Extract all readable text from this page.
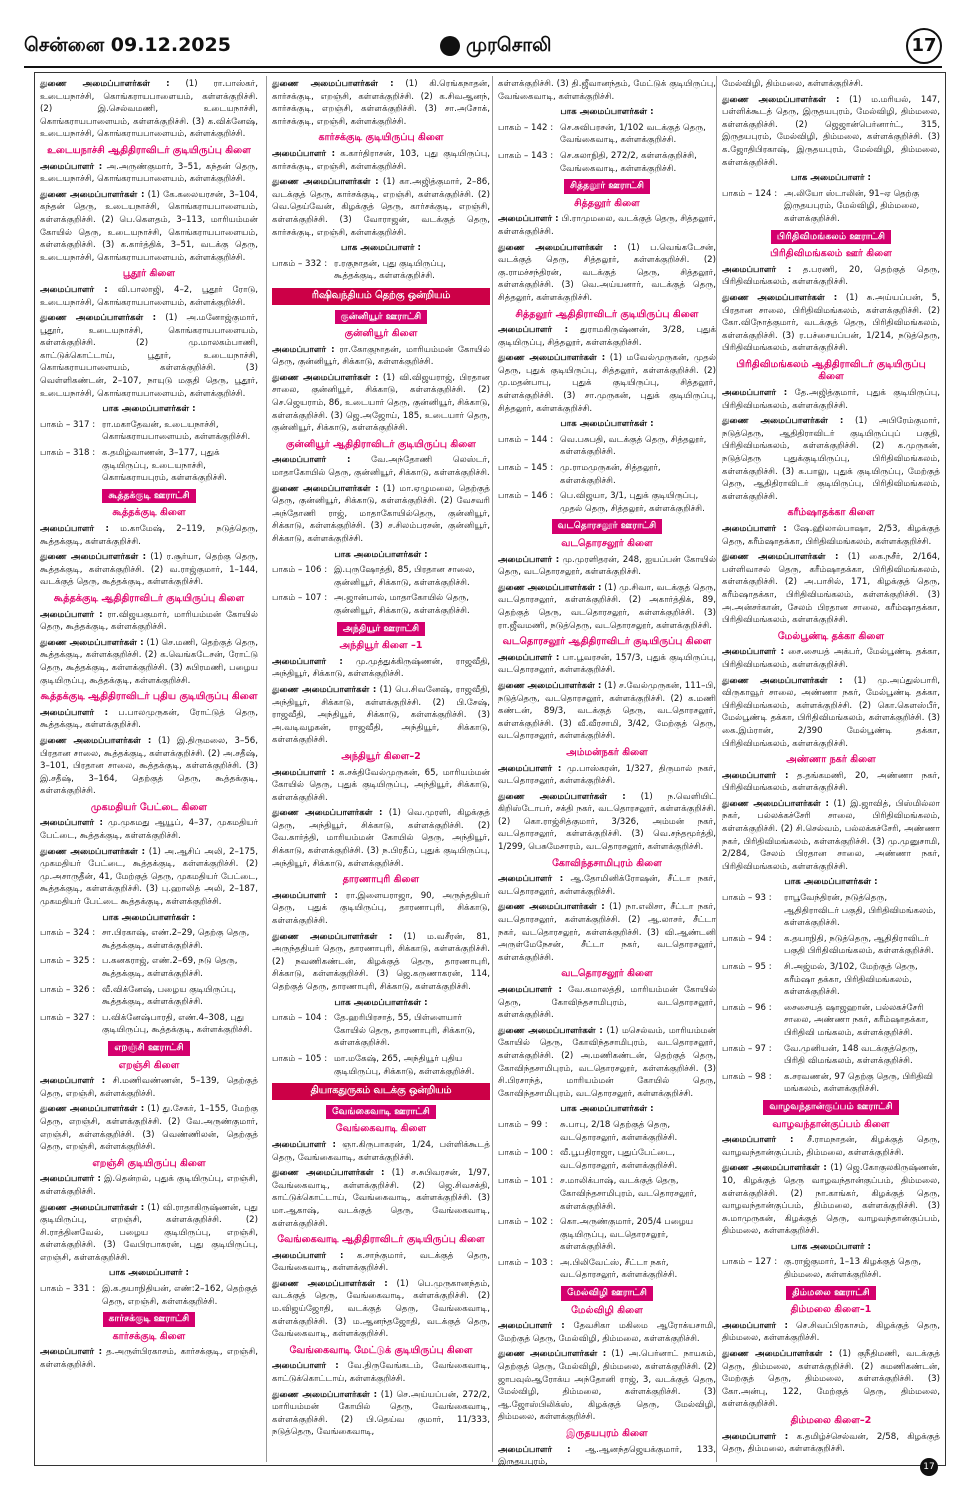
சென்னை 09.12.2025	முரசொலி	17
துணை அமைப்பாளர்கள் : (1) ரா.பாஸ்கர், உடையநாச்சி, கொங்கராயபாளையம், கள்ளக்குறிச்சி. (2) இ.செல்வமணி, உடையநாச்சி, கொங்கராயபாளையம், கள்ளக்குறிச்சி. (3) க.விக்னேஷ், உடையநாச்சி, கொங்கராயபாளையம், கள்ளக்குறிச்சி.
உடையநாச்சி ஆதிதிராவிடர் குடியிருப்பு கிளை
அமைப்பாளர் : அ.அருண்குமார், 3–51, கந்தன் தெரு, உடையநாச்சி, கொங்கராயபாளையம், கள்ளக்குறிச்சி.
துணை அமைப்பாளர்கள் : (1) கே.கலையரசன், 3–104, கந்தன் தெரு, உடையநாச்சி, கொங்கராயபாளையம், கள்ளக்குறிச்சி. (2) பெ.கௌதம், 3–113, மாரியம்மன் கோயில் தெரு, உடையநாச்சி, கொங்கராயபாளையம், கள்ளக்குறிச்சி. (3) க.கார்த்திக், 3–51, வடக்கு தெரு, உடையநாச்சி, கொங்கராயபாளையம், கள்ளக்குறிச்சி.
பூதூர் கிளை
அமைப்பாளர் : வி.பாலாஜி, 4–2, பூதூர் ரோடு, உடையநாச்சி, கொங்கராயபாளையம், கள்ளக்குறிச்சி.
துணை அமைப்பாளர்கள் : (1) அ.மனோஜ்குமார், பூதூர், உடையநாச்சி, கொங்கராயபாளையம், கள்ளக்குறிச்சி. (2) மு.மாலகம்பாணி, காட்டுக்கொட்டாய், பூதூர், உடையநாச்சி, கொங்கராயபாளையம், கள்ளக்குறிச்சி. (3) வெள்ளிகண்டன், 2–107, நாயுடு மகுதி தெரு, பூதூர், உடையநாச்சி, கொங்கராயபாளையம், கள்ளக்குறிச்சி.
பாக அமைப்பாளர்கள் :
பாகம் – 317 :	ரா.மகாதேவன், உடையநாச்சி, கொங்கராயபாளையம், கள்ளக்குறிச்சி.
பாகம் – 318 :	க.தமிழ்வாணன், 3–177, புதுக் குடியிருப்பு, உடையநாச்சி, கொங்கராயபுரம், கள்ளக்குறிச்சி.
கூத்தக்குடி ஊராட்சி
கூத்தக்குடி கிளை
அமைப்பாளர் : ம.காமேஷ், 2–119, நடுத்தெரு, கூத்தக்குடி, கள்ளக்குறிச்சி.
துணை அமைப்பாளர்கள் : (1) ர.சூர்யா, தெற்கு தெரு, கூத்தக்குடி, கள்ளக்குறிச்சி. (2) வ.ராஜ்குமார், 1–144, வடக்குத் தெரு, கூத்தக்குடி, கள்ளக்குறிச்சி.
கூத்தக்குடி ஆதிதிராவிடர் குடியிருப்பு கிளை
அமைப்பாளர் : ரா.விஜயகுமார், மாரியம்மன் கோயில் தெரு, கூத்தக்குடி, கள்ளக்குறிச்சி.
துணை அமைப்பாளர்கள் : (1) செ.மணி, தெற்குத் தெரு, கூத்தக்குடி, கள்ளக்குறிச்சி. (2) க.வெங்கடேசன், ரோட்டு தெரு, கூத்தக்குடி, கள்ளக்குறிச்சி. (3) சுபிரமணி, பழைய குடியிருப்பு, கூத்தக்குடி, கள்ளக்குறிச்சி.
கூத்தக்குடி ஆதிதிராவிடர் புதிய குடியிருப்பு கிளை
அமைப்பாளர் : ப.பாலமுருகன், ரோட்டுத் தெரு, கூத்தக்குடி, கள்ளக்குறிச்சி.
துணை அமைப்பாளர்கள் : (1) இ.திருமலை, 3–56, பிரதான சாலை, கூத்தக்குடி, கள்ளக்குறிச்சி. (2) அ.சதீஷ், 3–101, பிரதான சாலை, கூத்தக்குடி, கள்ளக்குறிச்சி. (3) இ.சதீஷ், 3–164, தெற்குத் தெரு, கூத்தக்குடி, கள்ளக்குறிச்சி.
முகமதியர் பேட்டை கிளை
அமைப்பாளர் : மு.முகமது ஆயூப், 4–37, முகமதியர் பேட்டை, கூத்தக்குடி, கள்ளக்குறிச்சி.
துணை அமைப்பாளர்கள் : (1) அ.ஆசிப் அலி, 2–175, முகமதியர் பேட்டை, கூத்தக்குடி, கள்ளக்குறிச்சி. (2) மு.அசாருதீன், 41, மேற்குத் தெரு, முகமதியர் பேட்டை, கூத்தக்குடி, கள்ளக்குறிச்சி. (3) பு.ஹாலித் அலி, 2–187, முகமதியர் பேட்டை கூத்தக்குடி, கள்ளக்குறிச்சி.
பாக அமைப்பாளர்கள் :
பாகம் – 324 :	சா.பிரகாஷ், எண்.2–29, தெற்கு தெரு, கூத்தக்குடி, கள்ளக்குறிச்சி.
பாகம் – 325 :	ப.கனகராஜ், எண்.2–69, நடு தெரு, கூத்தக்குடி, கள்ளக்குறிச்சி.
பாகம் – 326 :	வீ.விக்னேஷ், பழைய குடியிருப்பு, கூத்தக்குடி, கள்ளக்குறிச்சி.
பாகம் – 327 :	ப.விக்னேஷ்பாரதி, எண்.4–308, புது குடியிருப்பு, கூத்தக்குடி, கள்ளக்குறிச்சி.
எறஞ்சி ஊராட்சி
எறஞ்சி கிளை
அமைப்பாளர் : சி.மணிவண்ணன், 5–139, தெற்குத் தெரு, எறஞ்சி, கள்ளக்குறிச்சி.
துணை அமைப்பாளர்கள் : (1) து.சேகர், 1–155, மேற்கு தெரு, எறஞ்சி, கள்ளக்குறிச்சி. (2) வே.அருண்குமார், எறஞ்சி, கள்ளக்குறிச்சி. (3) வெண்ணிலன், தெற்குத் தெரு, எறஞ்சி, கள்ளக்குறிச்சி.
எறஞ்சி குடியிருப்பு கிளை
அமைப்பாளர் : இ.தென்றல், புதுக் குடியிருப்பு, எறஞ்சி, கள்ளக்குறிச்சி.
துணை அமைப்பாளர்கள் : (1) வி.ராதாகிருஷ்ணன், புது குடியிருப்பு, எறஞ்சி, கள்ளக்குறிச்சி. (2) சி.ராத்தினவேல், பழைய குடியிருப்பு, எறஞ்சி, கள்ளக்குறிச்சி. (3) வேபிரபாகரன், புது குடியிருப்பு, எறஞ்சி, கள்ளக்குறிச்சி.
பாக அமைப்பாளர் :
பாகம் – 331 :	இ.க.தயாநிதியன், எண்:2–162, தெற்குத் தெரு, எறஞ்சி, கள்ளக்குறிச்சி.
கார்சக்குடி ஊராட்சி
கார்சக்குடி கிளை
அமைப்பாளர் : த.அருள்பிரகாசம், கார்சக்குடி, எறஞ்சி, கள்ளக்குறிச்சி.
துணை அமைப்பாளர்கள் : (1) கி.ரெங்கநாதன், கார்சக்குடி, எறஞ்சி, கள்ளக்குறிச்சி. (2) க.சிவஆனந், கார்சக்குடி, எறஞ்சி, கள்ளக்குறிச்சி. (3) சா.அசோக், கார்சக்குடி, எறஞ்சி, கள்ளக்குறிச்சி.
கார்சக்குடி குடியிருப்பு கிளை
அமைப்பாளர் : க.கார்திராசன், 103, புது குடியிருப்பு, கார்சக்குடி, எறஞ்சி, கள்ளக்குறிச்சி.
துணை அமைப்பாளர்கள் : (1) கா.அஜித்குமார், 2–86, வடக்குத் தெரு, கார்சக்குடி, எறஞ்சி, கள்ளக்குறிச்சி. (2) வெ.தெய்வேன், கிழக்குத் தெரு, கார்சக்குடி, எறஞ்சி, கள்ளக்குறிச்சி. (3) வோராஜன், வடக்குத் தெரு, கார்சக்குடி, எறஞ்சி, கள்ளக்குறிச்சி.
பாக அமைப்பாளர் :
பாகம் – 332 :	ர.ரகுநாதன், புது குடியிருப்பு, கூத்தக்குடி, கள்ளக்குறிச்சி.
ரிஷிவந்தியம் தெற்கு ஒன்றியம்
குன்னியூர் ஊராட்சி
குன்னியூர் கிளை
அமைப்பாளர் : ரா.கோகுநாதன், மாரியம்மன் கோயில் தெரு, குன்னியூர், சிக்காடு, கள்ளக்குறிச்சி.
துணை அமைப்பாளர்கள் : (1) வி.விஜயராஜ், பிரதான சாலை, குன்னியூர், சிக்காடு, கள்ளக்குறிச்சி. (2) செ.ஜெயராம், 86, உடையார் தெரு, குன்னியூர், சிக்காடு, கள்ளக்குறிச்சி. (3) ஜெ.அஜோய், 185, உடையார் தெரு, குன்னியூர், சிக்காடு, கள்ளக்குறிச்சி.
குன்னியூர் ஆதிதிராவிடர் குடியிருப்பு கிளை
அமைப்பாளர் : வே.அந்தோணி லெஸ்டர், மாதாகோயில் தெரு, குன்னியூர், சிக்காடு, கள்ளக்குறிச்சி.
துணை அமைப்பாளர்கள் : (1) மா.ஏழுமலை, தெற்குத் தெரு, குன்னியூர், சிக்காடு, கள்ளக்குறிச்சி. (2) வேசவரி அந்தோணி ராஜ், மாதாகோயில்தெரு, குன்னியூர், சிக்காடு, கள்ளக்குறிச்சி. (3) ச.சிலம்பரசன், குன்னியூர், சிக்காடு, கள்ளக்குறிச்சி.
பாக அமைப்பாளர்கள் :
பாகம் – 106 :	இ.புருஷோத்தி, 85, பிரதான சாலை, குன்னியூர், சிக்காடு, கள்ளக்குறிச்சி.
பாகம் – 107 :	அ.ஜான்பால், மாதாகோயில் தெரு, குன்னியூர், சிக்காடு, கள்ளக்குறிச்சி.
அந்தியூர் ஊராட்சி
அந்தியூர் கிளை –1
அமைப்பாளர் : மு.முத்துக்கிருஷ்ணன், ராஜவீதி, அந்தியூர், சிக்காடு, கள்ளக்குறிச்சி.
துணை அமைப்பாளர்கள் : (1) பெ.சிவனேஷ், ராஜவீதி, அந்தியூர், சிக்காடு, கள்ளக்குறிச்சி. (2) பி.சேஷ், ராஜவீதி, அந்தியூர், சிக்காடு, கள்ளக்குறிச்சி. (3) அ.வடிவழகன், ராஜவீதி, அந்தியூர், சிக்காடு, கள்ளக்குறிச்சி.
அந்தியூர் கிளை–2
அமைப்பாளர் : க.சக்திவேல்முருகன், 65, மாரியம்மன் கோயில் தெரு, புதுக் குடியிருப்பு, அந்தியூர், சிக்காடு, கள்ளக்குறிச்சி.
துணை அமைப்பாளர்கள் : (1) வெ.முரளி, கிழக்குத் தெரு, அந்தியூர், சிக்காடு, கள்ளக்குறிச்சி. (2) வே.கார்த்தி, மாரியம்மன் கோயில் தெரு, அந்தியூர், சிக்காடு, கள்ளக்குறிச்சி. (3) ந.பிரதீப், புதுக் குடியிருப்பு, அந்தியூர், சிக்காடு, கள்ளக்குறிச்சி.
தாரணாபுரி கிளை
அமைப்பாளர் : ரா.இளையராஜா, 90, அருந்ததியர் தெரு, புதுக் குடியிருப்பு, தாரணாபுரி, சிக்காடு, கள்ளக்குறிச்சி.
துணை அமைப்பாளர்கள் : (1) ம.வசீரன், 81, அருந்ததியர் தெரு, தாரணாபுரி, சிக்காடு, கள்ளக்குறிச்சி. (2) நவணிகண்டன், கிழக்குத் தெரு, தாரணாபுரி, சிக்காடு, கள்ளக்குறிச்சி. (3) ஜெ.கருணாகரன், 114, தெற்குத் தெரு, தாரணாபுரி, சிக்காடு, கள்ளக்குறிச்சி.
பாக அமைப்பாளர்கள் :
பாகம் – 104 :	தே.ஹரிபிரசாத், 55, பிள்ளையார் கோயில் தெரு, தாரணாபுரி, சிக்காடு, கள்ளக்குறிச்சி.
பாகம் – 105 :	மா.மகேஷ், 265, அந்தியூர் புதிய குடியிருப்பு, சிக்காடு, கள்ளக்குறிச்சி.
தியாகதுருகம் வடக்கு ஒன்றியம்
வேங்கைவாடி ஊராட்சி
வேங்கைவாடி கிளை
அமைப்பாளர் : ஞா.கிருபாகரன், 1/24, பள்ளிக்கூடத் தெரு, வேங்கைவாடி, கள்ளக்குறிச்சி.
துணை அமைப்பாளர்கள் : (1) ச.சுபிவரசன், 1/97, வேங்கைவாடி, கள்ளக்குறிச்சி. (2) ஜெ.சிவசக்தி, காட்டுக்கொட்டாய், வேங்கைவாடி, கள்ளக்குறிச்சி. (3) மா.ஆகாஷ், வடக்குத் தெரு, வேங்கைவாடி, கள்ளக்குறிச்சி.
வேங்கைவாடி ஆதிதிராவிடர் குடியிருப்பு கிளை
அமைப்பாளர் : க.சாந்குமார், வடக்குத் தெரு, வேங்கைவாடி, கள்ளக்குறிச்சி.
துணை அமைப்பாளர்கள் : (1) பெ.முருகானந்தம், வடக்குத் தெரு, வேங்கைவாடி, கள்ளக்குறிச்சி. (2) ம.விஜய்ஜோதி, வடக்குத் தெரு, வேங்கைவாடி, கள்ளக்குறிச்சி. (3) ம.ஆனந்தஜோதி, வடக்குத் தெரு, வேங்கைவாடி, கள்ளக்குறிச்சி.
வேங்கைவாடி மேட்டுக் குடியிருப்பு கிளை
அமைப்பாளர் : வே.திருவேங்கடம், வேங்கைவாடி, காட்டுக்கொட்டாய், கள்ளக்குறிச்சி.
துணை அமைப்பாளர்கள் : (1) செ.அய்யப்பன், 272/2, மாரியம்மன் கோயில் தெரு, வேங்கைவாடி, கள்ளக்குறிச்சி. (2) பி.தெய்வ குமார், 11/333, நடுத்தெரு, வேங்கைவாடி,
கள்ளக்குறிச்சி. (3) தி.ஜீவானந்தம், மேட்டுக் குடியிருப்பு, வேங்கைவாடி, கள்ளக்குறிச்சி.
பாக அமைப்பாளர்கள் :
பாகம் – 142 :	செ.சுவிபரசன், 1/102 வடக்குத் தெரு, வேங்கைவாடி, கள்ளக்குறிச்சி.
பாகம் – 143 :	செ.கலாநிதி, 272/2, கள்ளக்குறிச்சி, வேங்கைவாடி, கள்ளக்குறிச்சி.
சித்தலூர் ஊராட்சி
சித்தலூர் கிளை
அமைப்பாளர் : பி.ராமுமலை, வடக்குத் தெரு, சித்தலூர், கள்ளக்குறிச்சி.
துணை அமைப்பாளர்கள் : (1) ப.வெங்கடேசன், வடக்குத் தெரு, சித்தலூர், கள்ளக்குறிச்சி. (2) கு.ராமச்சந்திரன், வடக்குத் தெரு, சித்தலூர், கள்ளக்குறிச்சி. (3) வெ.அய்யனார், வடக்குத் தெரு, சித்தலூர், கள்ளக்குறிச்சி.
சித்தலூர் ஆதிதிராவிடர் குடியிருப்பு கிளை
அமைப்பாளர் : துராமகிருஷ்ணன், 3/28, புதுக் குடியிருப்பு, சித்தலூர், கள்ளக்குறிச்சி.
துணை அமைப்பாளர்கள் : (1) மவேல்முருகன், முதல் தெரு, புதுக் குடியிருப்பு, சித்தலூர், கள்ளக்குறிச்சி. (2) மு.மதன்பாபு, புதுக் குடியிருப்பு, சித்தலூர், கள்ளக்குறிச்சி. (3) சா.முருகன், புதுக் குடியிருப்பு, சித்தலூர், கள்ளக்குறிச்சி.
பாக அமைப்பாளர்கள் :
பாகம் – 144 :	வெ.பசுபதி, வடக்குத் தெரு, சித்தலூர், கள்ளக்குறிச்சி.
பாகம் – 145 :	மு.ராமமுருகன், சித்தலூர், கள்ளக்குறிச்சி.
பாகம் – 146 :	பெ.விஜயா, 3/1, புதுக் குடியிருப்பு, முதல் தெரு, சித்தலூர், கள்ளக்குறிச்சி.
வடதொரசலூர் ஊராட்சி
வடதொரசலூர் கிளை
அமைப்பாளர் : மு.முரளிதரன், 248, ஐயப்பன் கோயில் தெரு, வடதொரசலூர், கள்ளக்குறிச்சி.
துணை அமைப்பாளர்கள் : (1) மு.சிவா, வடக்குத் தெரு, வடதொரசலூர், கள்ளக்குறிச்சி. (2) அகார்த்திக், 89, தெற்குத் தெரு, வடதொரசலூர், கள்ளக்குறிச்சி. (3) ரா.ஜீவமணி, நடுத்தெரு, வடதொரசலூர், கள்ளக்குறிச்சி.
வடதொரசலூர் ஆதிதிராவிடர் குடியிருப்பு கிளை
அமைப்பாளர் : பா.பூவரசன், 157/3, புதுக் குடியிருப்பு, வடதொரசலூர், கள்ளக்குறிச்சி.
துணை அமைப்பாளர்கள் : (1) ச.வேல்முருகன், 111–பி, நடுத்தெரு, வடதொரசலூர், கள்ளக்குறிச்சி. (2) க.மணி கண்டன், 89/3, வடக்குத் தெரு, வடதொரசலூர், கள்ளக்குறிச்சி. (3) வீ.வீரசாமி, 3/42, மேற்குத் தெரு, வடதொரசலூர், கள்ளக்குறிச்சி.
அம்மன்நகர் கிளை
அமைப்பாளர் : மு.பாஸ்கரன், 1/327, திருமால் நகர், வடதொரசலூர், கள்ளக்குறிச்சி.
துணை அமைப்பாளர்கள் : (1) ந.வெளியிட் கிறிஸ்டோபர், சக்தி நகர், வடதொரசலூர், கள்ளக்குறிச்சி. (2) கொ.ராஜ்சித்குமார், 3/326, அம்மன் நகர், வடதொரசலூர், கள்ளக்குறிச்சி. (3) வெ.சந்தமூர்த்தி, 1/299, பெசுமேசாரம், வடதொரசலூர், கள்ளக்குறிச்சி.
கோவிந்தசாமிபுரம் கிளை
அமைப்பாளர் : ஆ.தோமினிக்ரோஷன், சீட்டா நகர், வடதொரசலூர், கள்ளக்குறிச்சி.
துணை அமைப்பாளர்கள் : (1) நா.எலிசா, சீட்டா நகர், வடதொரசலூர், கள்ளக்குறிச்சி. (2) ஆ.லாசர், சீட்டா நகர், வடதொரசலூர், கள்ளக்குறிச்சி. (3) வி.ஆண்டனி அருள்மேநேசன், சீட்டா நகர், வடதொரசலூர், கள்ளக்குறிச்சி.
வடதொரசலூர் கிளை
அமைப்பாளர் : வே.கமாலத்தி, மாரியம்மன் கோயில் தெரு, கோவிந்தசாமிபுரம், வடதொரசலூர், கள்ளக்குறிச்சி.
துணை அமைப்பாளர்கள் : (1) மசெல்வம், மாரியம்மன் கோயில் தெரு, கோவிந்தசாமிபுரம், வடதொரசலூர், கள்ளக்குறிச்சி. (2) அ.மணிகண்டன், தெற்குத் தெரு, கோவிந்தசாமிபுரம், வடதொரசலூர், கள்ளக்குறிச்சி. (3) சி.பிரசாந்த், மாரியம்மன் கோயில் தெரு, கோவிந்தசாமிபுரம், வடதொரசலூர், கள்ளக்குறிச்சி.
பாக அமைப்பாளர்கள் :
பாகம் – 99 :	சு.பாபு, 2/18 தெற்குத் தெரு, வடதொரசலூர், கள்ளக்குறிச்சி.
பாகம் – 100 :	வீ.பூபதிராஜா, புதுப்பேட்டை, வடதொரசலூர், கள்ளக்குறிச்சி.
பாகம் – 101 :	ச.மாலிக்பாஷ், வடக்குத் தெரு, கோவிந்தசாமிபுரம், வடதொரசலூர், கள்ளக்குறிச்சி.
பாகம் – 102 :	கொ.அருண்குமார், 205/4 பழைய குடியிருப்பு, வடதொரசலூர், கள்ளக்குறிச்சி.
பாகம் – 103 :	அ.பிலிவேட்ஸ், சீட்டா நகர், வடதொரசலூர், கள்ளக்குறிச்சி.
மேல்விழி ஊராட்சி
மேல்விழி கிளை
அமைப்பாளர் : தேவசிகா மகிமை ஆரோக்யசாமி, மேற்குத் தெரு, மேல்விழி, திம்மலை, கள்ளக்குறிச்சி.
துணை அமைப்பாளர்கள் : (1) அ.பெர்னாட் நாயகம், தெற்குத் தெரு, மேல்விழி, திம்மலை, கள்ளக்குறிச்சி. (2) ஜாபவுல்ஆரோக்ய அந்தோனி ராஜ், 3, வடக்குத் தெரு, மேல்விழி, திம்மலை, கள்ளக்குறிச்சி. (3) ஆ.ஜோஸ்பிலிக்ஸ், கிழக்குத் தெரு, மேல்விழி, திம்மலை, கள்ளக்குறிச்சி.
இருதயபுரம் கிளை
அமைப்பாளர் : ஆ.ஆனந்தஜெயக்குமார், 133, இருதயபுரம்,
மேல்விழி, திம்மலை, கள்ளக்குறிச்சி.
துணை அமைப்பாளர்கள் : (1) ம.மரியல், 147, பள்ளிக்கூடத் தெரு, இருதயபுரம், மேல்விழி, திம்மலை, கள்ளக்குறிச்சி. (2) ஜெஜான்பெர்னார்ட், 315, இருதயபுரம், மேல்விழி, திம்மலை, கள்ளக்குறிச்சி. (3) க.ஜோதிபிரகாஷ், இருதயபுரம், மேல்விழி, திம்மலை, கள்ளக்குறிச்சி.
பாக அமைப்பாளர் :
பாகம் – 124 :	அ.லியோ ஸ்டாலின், 91–ஏ தெற்கு இருதயபுரம், மேல்விழி, திம்மலை, கள்ளக்குறிச்சி.
பிரிதிவிமங்கலம் ஊராட்சி
பிரிதிவிமங்கலம் ஊர் கிளை
அமைப்பாளர் : த.பரணி, 20, தெற்குத் தெரு, பிரிதிவிமங்கலம், கள்ளக்குறிச்சி.
துணை அமைப்பாளர்கள் : (1) சு.அய்யப்பன், 5, பிரதான சாலை, பிரிதிவிமங்கலம், கள்ளக்குறிச்சி. (2) கோ.விநோத்குமார், வடக்குத் தெரு, பிரிதிவிமங்கலம், கள்ளக்குறிச்சி. (3) ர.பச்சையப்பன், 1/214, நடுத்தெரு, பிரிதிவிமங்கலம், கள்ளக்குறிச்சி.
பிரிதிவிமங்கலம் ஆதிதிராவிடர் குடியிருப்பு கிளை
அமைப்பாளர் : தே.அஜித்குமார், புதுக் குடியிருப்பு, பிரிதிவிமங்கலம், கள்ளக்குறிச்சி.
துணை அமைப்பாளர்கள் : (1) அபிரேம்குமார், நடுத்தெரு, ஆதிதிராவிடர் குடியிருப்புப் பகுதி, பிரிதிவிமங்கலம், கள்ளக்குறிச்சி. (2) க.முருகன், நடுத்தெரு புதுக்குடியிருப்பு, பிரிதிவிமங்கலம், கள்ளக்குறிச்சி. (3) க.பாலு, புதுக் குடியிருப்பு, மேற்குத் தெரு, ஆதிதிராவிடர் குடியிருப்பு, பிரிதிவிமங்கலம், கள்ளக்குறிச்சி.
கரீம்ஷாதக்கா கிளை
அமைப்பாளர் : ஷே.ஹிலால்பாஷா, 2/53, கிழக்குத் தெரு, கரீம்ஷாதக்கா, பிரிதிவிமங்கலம், கள்ளக்குறிச்சி.
துணை அமைப்பாளர்கள் : (1) கை.நசீர், 2/164, பள்ளிவாசல் தெரு, கரீம்ஷாதக்கா, பிரிதிவிமங்கலம், கள்ளக்குறிச்சி. (2) அ.பாசில், 171, கிழக்குத் தெரு, கரீம்ஷாதக்கா, பிரிதிவிமங்கலம், கள்ளக்குறிச்சி. (3) அ.அன்சர்கான், சேலம் பிரதான சாலை, கரீம்ஷாதக்கா, பிரிதிவிமங்கலம், கள்ளக்குறிச்சி.
மேல்பூண்டி தக்கா கிளை
அமைப்பாளர் : சை.சையத் அக்பர், மேல்பூண்டி தக்கா, பிரிதிவிமங்கலம், கள்ளக்குறிச்சி.
துணை அமைப்பாளர்கள் : (1) மு.அப்துல்பாரி, விருகாவூர் சாலை, அண்ணா நகர், மேல்பூண்டி தக்கா, பிரிதிவிமங்கலம், கள்ளக்குறிச்சி. (2) கொ.கௌஸ்பீர், மேல்பூண்டி தக்கா, பிரிதிவிமங்கலம், கள்ளக்குறிச்சி. (3) கை.இம்ரான், 2/390 மேல்பூண்டி தக்கா, பிரிதிவிமங்கலம், கள்ளக்குறிச்சி.
அண்ணா நகர் கிளை
அமைப்பாளர் : த.தங்கமணி, 20, அண்ணா நகர், பிரிதிவிமங்கலம், கள்ளக்குறிச்சி.
துணை அமைப்பாளர்கள் : (1) இ.ஜாவித், பிஸ்மில்லா நகர், பல்லக்கச்சேரி சாலை, பிரிதிவிமங்கலம், கள்ளக்குறிச்சி. (2) சி.செல்வம், பல்லக்கச்சேரி, அண்ணா நகர், பிரிதிவிமங்கலம், கள்ளக்குறிச்சி. (3) மு.முனுசாமி, 2/284, சேலம் பிரதான சாலை, அண்ணா நகர், பிரிதிவிமங்கலம், கள்ளக்குறிச்சி.
பாக அமைப்பாளர்கள் :
பாகம் – 93 :	ராபூவேந்திரன், நடுத்தெரு, ஆதிதிராவிடர் பகுதி, பிரிதிவிமங்கலம், கள்ளக்குறிச்சி.
பாகம் – 94 :	க.தயாநிதி, நடுத்தெரு, ஆதிதிராவிடர் பகுதி பிரிதிவிமங்கலம், கள்ளக்குறிச்சி.
பாகம் – 95 :	சி.அஜ்மல், 3/102, மேற்குத் தெரு, கரீம்ஷா தக்கா, பிரிதிவிமங்கலம், கள்ளக்குறிச்சி.
பாகம் – 96 :	சைசையத் ஷாஜஹான், பல்லகச்சேரி சாலை, அண்ணா நகர், கரீம்ஷாதக்கா, பிரிதிவி மங்கலம், கள்ளக்குறிச்சி.
பாகம் – 97 :	வே.முனியன், 148 வடக்குத்தெரு, பிரிதி விமங்கலம், கள்ளக்குறிச்சி.
பாகம் – 98 :	க.சரவணன், 97 தெற்கு தெரு, பிரிதிவி மங்கலம், கள்ளக்குறிச்சி.
வாழவந்தான்குப்பம் ஊராட்சி
வாழவந்தான்குப்பம் கிளை
அமைப்பாளர் : சீ.ராமநாதன், கிழக்குத் தெரு, வாழவந்தான்குப்பம், திம்மலை, கள்ளக்குறிச்சி.
துணை அமைப்பாளர்கள் : (1) ஜெ.கோகுலகிருஷ்ணன், 10, கிழக்குத் தெரு வாழவந்தான்குப்பம், திம்மலை, கள்ளக்குறிச்சி. (2) நா.காங்கர், கிழக்குத் தெரு, வாழவந்தான்குப்பம், திம்மலை, கள்ளக்குறிச்சி. (3) சு.மாமுருகன், கிழக்குத் தெரு, வாழவந்தான்குப்பம், திம்மலை, கள்ளக்குறிச்சி.
பாக அமைப்பாளர் :
பாகம் – 127 :	கு.ராஜ்குமார், 1–13 கிழக்குத் தெரு, திம்மலை, கள்ளக்குறிச்சி.
திம்மலை ஊராட்சி
திம்மலை கிளை–1
அமைப்பாளர் : செ.சிவப்பிரகாசம், கிழக்குத் தெரு, திம்மலை, கள்ளக்குறிச்சி.
துணை அமைப்பாளர்கள் : (1) குநீதிமணி, வடக்குத் தெரு, திம்மலை, கள்ளக்குறிச்சி. (2) சுமணிகண்டன், மேற்குத் தெரு, திம்மலை, கள்ளக்குறிச்சி. (3) கோ.அன்பு, 122, மேற்குத் தெரு, திம்மலை, கள்ளக்குறிச்சி.
திம்மலை கிளை–2
அமைப்பாளர் : க.தமிழ்ச்செல்வன், 2/58, கிழக்குத் தெரு, திம்மலை, கள்ளக்குறிச்சி.
17
